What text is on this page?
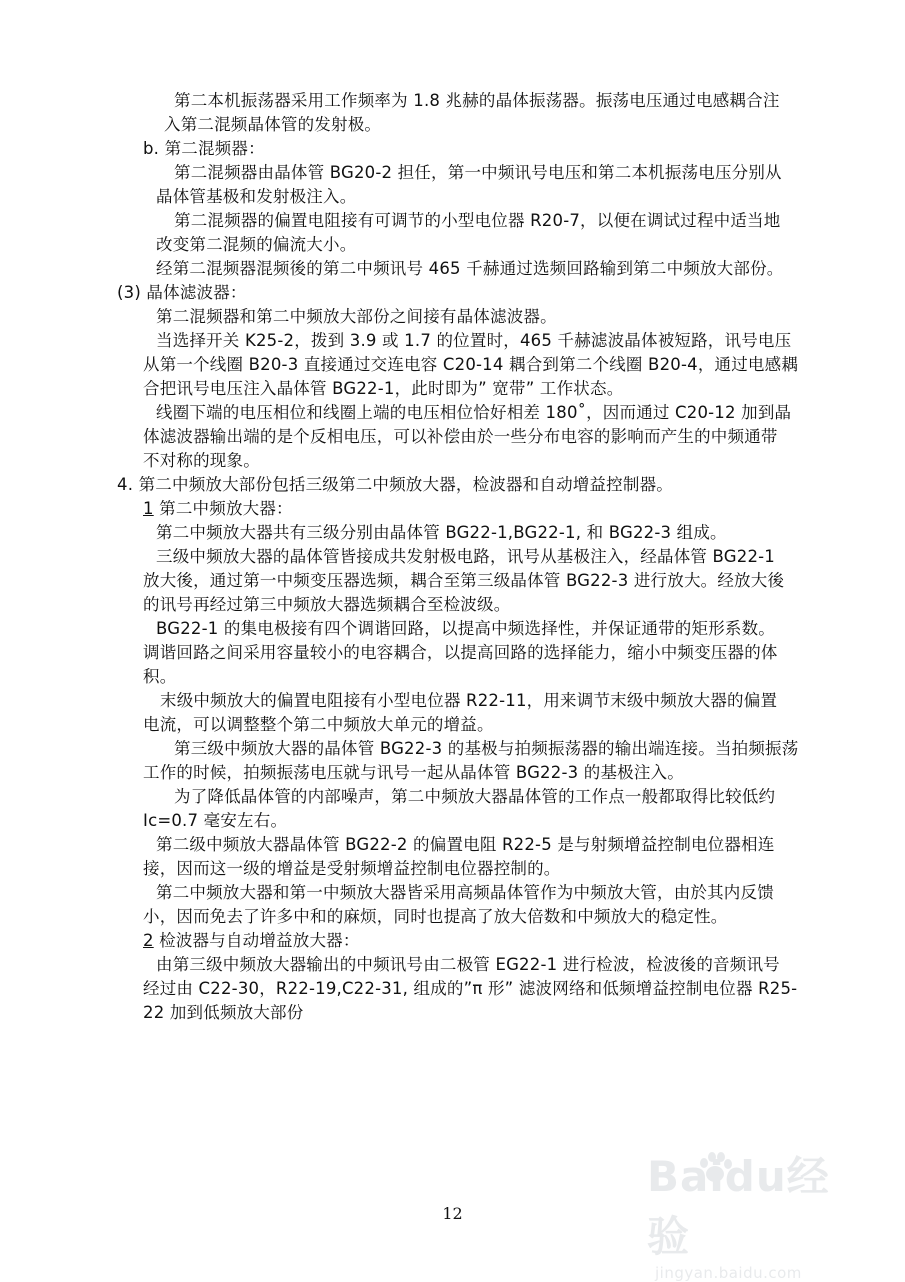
第二本机振荡器采用工作频率为 1.8 兆赫的晶体振荡器。振荡电压通过电感耦合注
入第二混频晶体管的发射极。
b. 第二混频器：
第二混频器由晶体管 BG20-2 担任，第一中频讯号电压和第二本机振荡电压分别从
晶体管基极和发射极注入。
第二混频器的偏置电阻接有可调节的小型电位器 R20-7，以便在调试过程中适当地
改变第二混频的偏流大小。
经第二混频器混频後的第二中频讯号 465 千赫通过选频回路输到第二中频放大部份。
(3) 晶体滤波器：
第二混频器和第二中频放大部份之间接有晶体滤波器。
当选择开关 K25-2，拨到 3.9 或 1.7 的位置时，465 千赫滤波晶体被短路，讯号电压
从第一个线圈 B20-3 直接通过交连电容 C20-14 耦合到第二个线圈 B20-4，通过电感耦
合把讯号电压注入晶体管 BG22-1，此时即为” 宽带” 工作状态。
线圈下端的电压相位和线圈上端的电压相位恰好相差 180˚，因而通过 C20-12 加到晶
体滤波器输出端的是个反相电压，可以补偿由於一些分布电容的影响而产生的中频通带
不对称的现象。
4. 第二中频放大部份包括三级第二中频放大器，检波器和自动增益控制器。
1 第二中频放大器：
第二中频放大器共有三级分别由晶体管 BG22-1,BG22-1, 和 BG22-3 组成。
三级中频放大器的晶体管皆接成共发射极电路，讯号从基极注入，经晶体管 BG22-1
放大後，通过第一中频变压器选频，耦合至第三级晶体管 BG22-3 进行放大。经放大後
的讯号再经过第三中频放大器选频耦合至检波级。
BG22-1 的集电极接有四个调谐回路，以提高中频选择性，并保证通带的矩形系数。
调谐回路之间采用容量较小的电容耦合，以提高回路的选择能力，缩小中频变压器的体
积。
末级中频放大的偏置电阻接有小型电位器 R22-11，用来调节末级中频放大器的偏置
电流，可以调整整个第二中频放大单元的增益。
第三级中频放大器的晶体管 BG22-3 的基极与拍频振荡器的输出端连接。当拍频振荡
工作的时候，拍频振荡电压就与讯号一起从晶体管 BG22-3 的基极注入。
为了降低晶体管的内部噪声，第二中频放大器晶体管的工作点一般都取得比较低约
Ic=0.7 毫安左右。
第二级中频放大器晶体管 BG22-2 的偏置电阻 R22-5 是与射频增益控制电位器相连
接，因而这一级的增益是受射频增益控制电位器控制的。
第二中频放大器和第一中频放大器皆采用高频晶体管作为中频放大管，由於其内反馈
小，因而免去了许多中和的麻烦，同时也提高了放大倍数和中频放大的稳定性。
2 检波器与自动增益放大器：
由第三级中频放大器输出的中频讯号由二极管 EG22-1 进行检波，检波後的音频讯号
经过由 C22-30，R22-19,C22-31, 组成的”π 形” 滤波网络和低频增益控制电位器 R25-
22 加到低频放大部份
12
Baidu经验
jingyan.baidu.com
